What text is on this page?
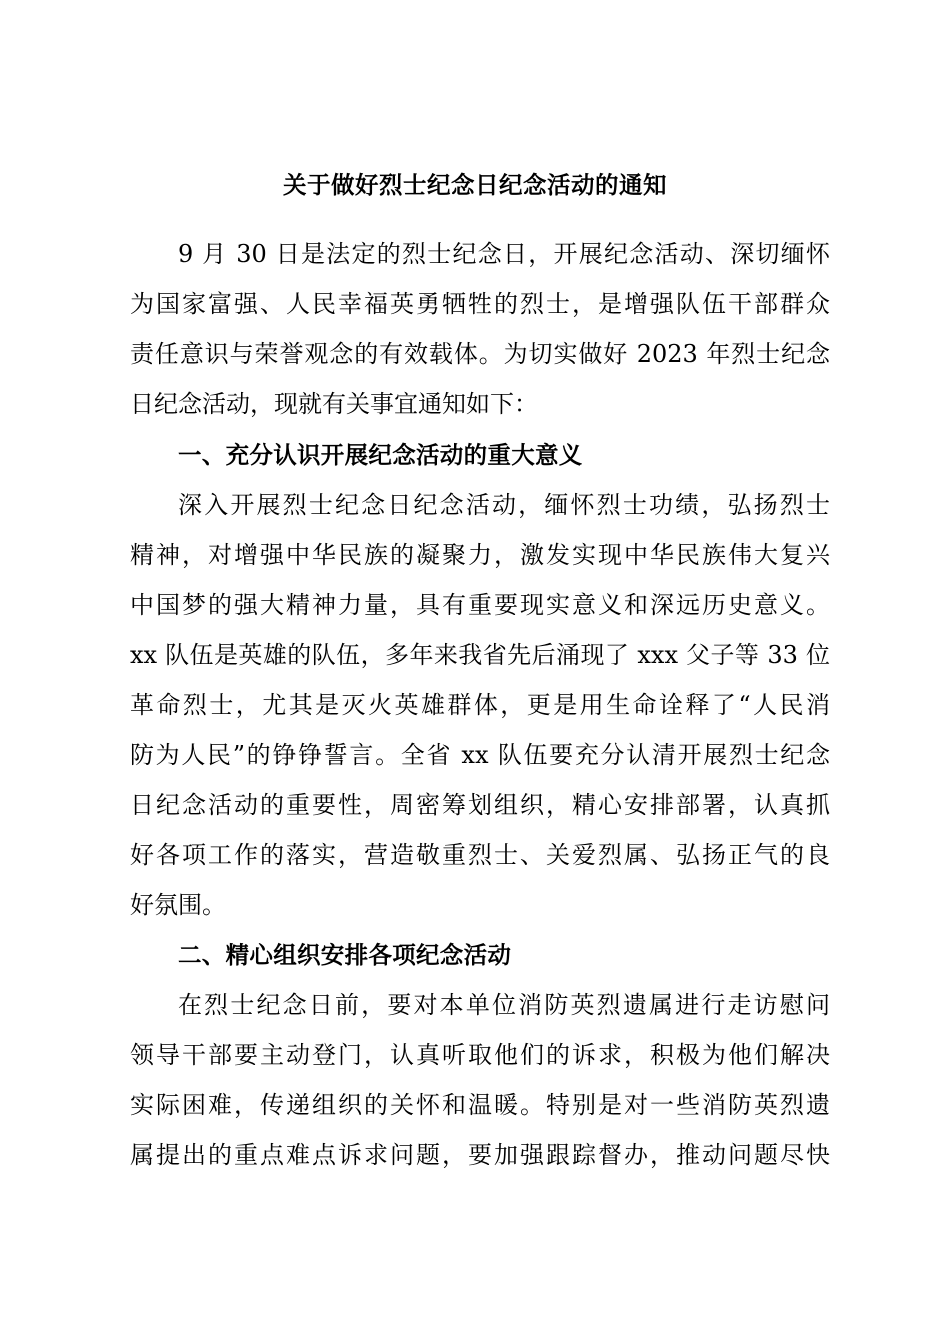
关于做好烈士纪念日纪念活动的通知
9 月 30 日是法定的烈士纪念日，开展纪念活动、深切缅怀
为国家富强、人民幸福英勇牺牲的烈士，是增强队伍干部群众
责任意识与荣誉观念的有效载体。为切实做好 2023 年烈士纪念
日纪念活动，现就有关事宜通知如下：
一、充分认识开展纪念活动的重大意义
深入开展烈士纪念日纪念活动，缅怀烈士功绩，弘扬烈士
精神，对增强中华民族的凝聚力，激发实现中华民族伟大复兴
中国梦的强大精神力量，具有重要现实意义和深远历史意义。
xx 队伍是英雄的队伍，多年来我省先后涌现了 xxx 父子等 33 位
革命烈士，尤其是灭火英雄群体，更是用生命诠释了“人民消
防为人民”的铮铮誓言。全省 xx 队伍要充分认清开展烈士纪念
日纪念活动的重要性，周密筹划组织，精心安排部署，认真抓
好各项工作的落实，营造敬重烈士、关爱烈属、弘扬正气的良
好氛围。
二、精心组织安排各项纪念活动
在烈士纪念日前，要对本单位消防英烈遗属进行走访慰问
领导干部要主动登门，认真听取他们的诉求，积极为他们解决
实际困难，传递组织的关怀和温暖。特别是对一些消防英烈遗
属提出的重点难点诉求问题，要加强跟踪督办，推动问题尽快
